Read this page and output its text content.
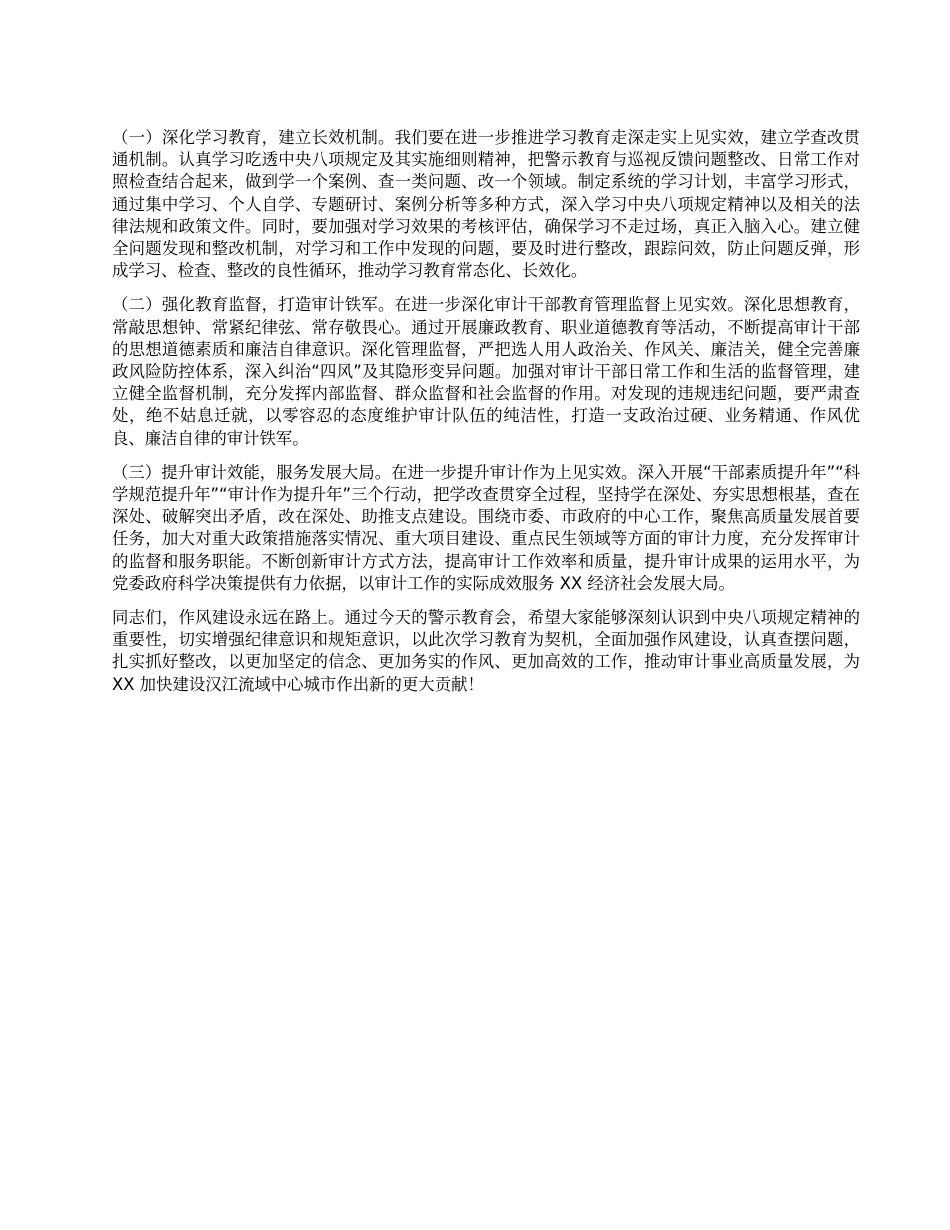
（一）深化学习教育，建立长效机制。我们要在进一步推进学习教育走深走实上见实效，建立学查改贯通机制。认真学习吃透中央八项规定及其实施细则精神，把警示教育与巡视反馈问题整改、日常工作对照检查结合起来，做到学一个案例、查一类问题、改一个领域。制定系统的学习计划，丰富学习形式，通过集中学习、个人自学、专题研讨、案例分析等多种方式，深入学习中央八项规定精神以及相关的法律法规和政策文件。同时，要加强对学习效果的考核评估，确保学习不走过场，真正入脑入心。建立健全问题发现和整改机制，对学习和工作中发现的问题，要及时进行整改，跟踪问效，防止问题反弹，形成学习、检查、整改的良性循环，推动学习教育常态化、长效化。

（二）强化教育监督，打造审计铁军。在进一步深化审计干部教育管理监督上见实效。深化思想教育，常敲思想钟、常紧纪律弦、常存敬畏心。通过开展廉政教育、职业道德教育等活动，不断提高审计干部的思想道德素质和廉洁自律意识。深化管理监督，严把选人用人政治关、作风关、廉洁关，健全完善廉政风险防控体系，深入纠治“四风”及其隐形变异问题。加强对审计干部日常工作和生活的监督管理，建立健全监督机制，充分发挥内部监督、群众监督和社会监督的作用。对发现的违规违纪问题，要严肃查处，绝不姑息迁就，以零容忍的态度维护审计队伍的纯洁性，打造一支政治过硬、业务精通、作风优良、廉洁自律的审计铁军。

（三）提升审计效能，服务发展大局。在进一步提升审计作为上见实效。深入开展“干部素质提升年”“科学规范提升年”“审计作为提升年”三个行动，把学改查贯穿全过程，坚持学在深处、夯实思想根基，查在深处、破解突出矛盾，改在深处、助推支点建设。围绕市委、市政府的中心工作，聚焦高质量发展首要任务，加大对重大政策措施落实情况、重大项目建设、重点民生领域等方面的审计力度，充分发挥审计的监督和服务职能。不断创新审计方式方法，提高审计工作效率和质量，提升审计成果的运用水平，为党委政府科学决策提供有力依据，以审计工作的实际成效服务 XX 经济社会发展大局。

同志们，作风建设永远在路上。通过今天的警示教育会，希望大家能够深刻认识到中央八项规定精神的重要性，切实增强纪律意识和规矩意识，以此次学习教育为契机，全面加强作风建设，认真查摆问题，扎实抓好整改，以更加坚定的信念、更加务实的作风、更加高效的工作，推动审计事业高质量发展，为 XX 加快建设汉江流域中心城市作出新的更大贡献！
